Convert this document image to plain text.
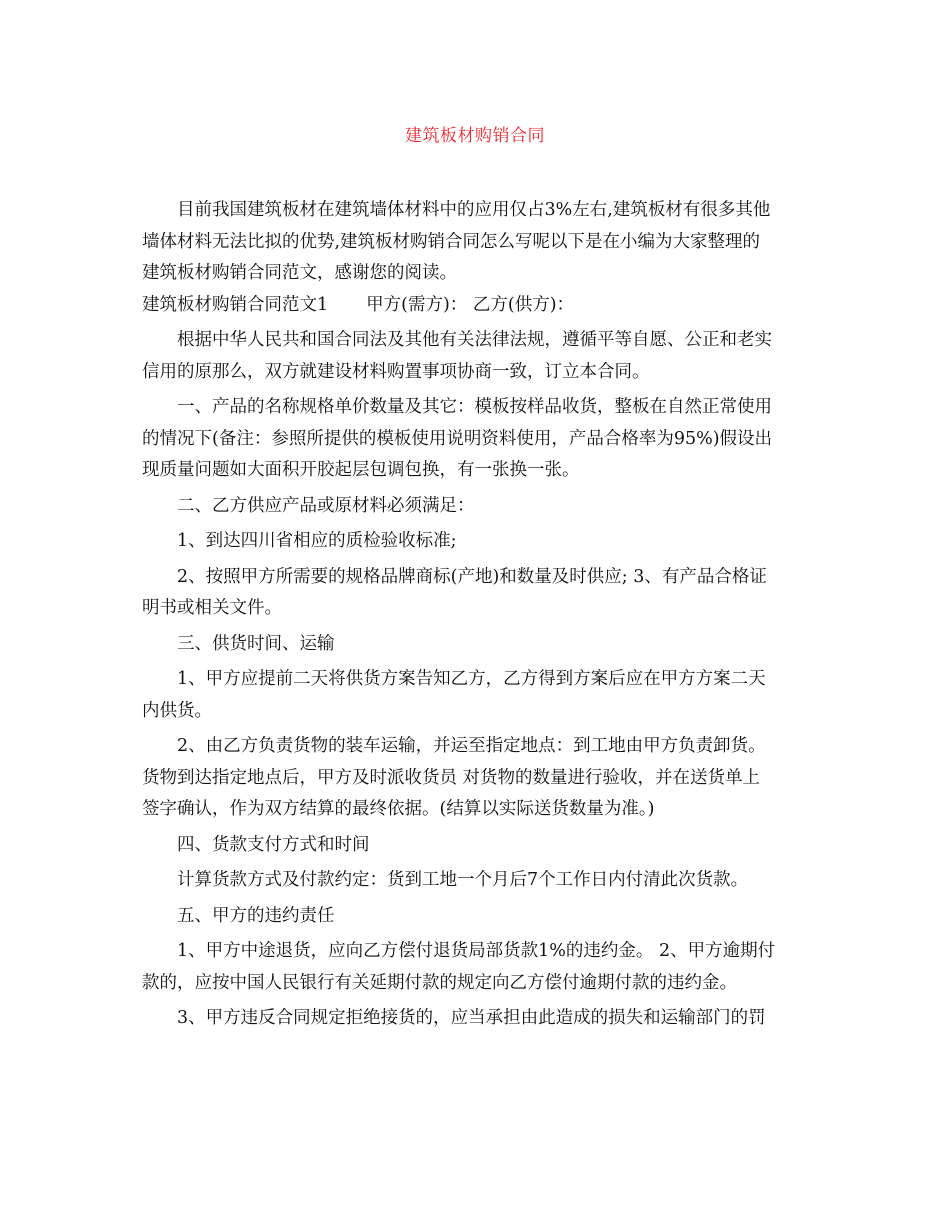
建筑板材购销合同

目前我国建筑板材在建筑墙体材料中的应用仅占3%左右,建筑板材有很多其他

墙体材料无法比拟的优势,建筑板材购销合同怎么写呢以下是在小编为大家整理的

建筑板材购销合同范文，感谢您的阅读。

建筑板材购销合同范文1 甲方(需方)： 乙方(供方)：

根据中华人民共和国合同法及其他有关法律法规，遵循平等自愿、公正和老实

信用的原那么，双方就建设材料购置事项协商一致，订立本合同。

一、产品的名称规格单价数量及其它：模板按样品收货，整板在自然正常使用

的情况下(备注：参照所提供的模板使用说明资料使用，产品合格率为95%)假设出

现质量问题如大面积开胶起层包调包换，有一张换一张。

二、乙方供应产品或原材料必须满足：

1、到达四川省相应的质检验收标准;

2、按照甲方所需要的规格品牌商标(产地)和数量及时供应; 3、有产品合格证

明书或相关文件。

三、供货时间、运输

1、甲方应提前二天将供货方案告知乙方，乙方得到方案后应在甲方方案二天

内供货。

2、由乙方负责货物的装车运输，并运至指定地点：到工地由甲方负责卸货。

货物到达指定地点后，甲方及时派收货员 对货物的数量进行验收，并在送货单上

签字确认，作为双方结算的最终依据。(结算以实际送货数量为准。)

四、货款支付方式和时间

计算货款方式及付款约定：货到工地一个月后7个工作日内付清此次货款。

五、甲方的违约责任

1、甲方中途退货，应向乙方偿付退货局部货款1%的违约金。 2、甲方逾期付

款的，应按中国人民银行有关延期付款的规定向乙方偿付逾期付款的违约金。

3、甲方违反合同规定拒绝接货的，应当承担由此造成的损失和运输部门的罚
